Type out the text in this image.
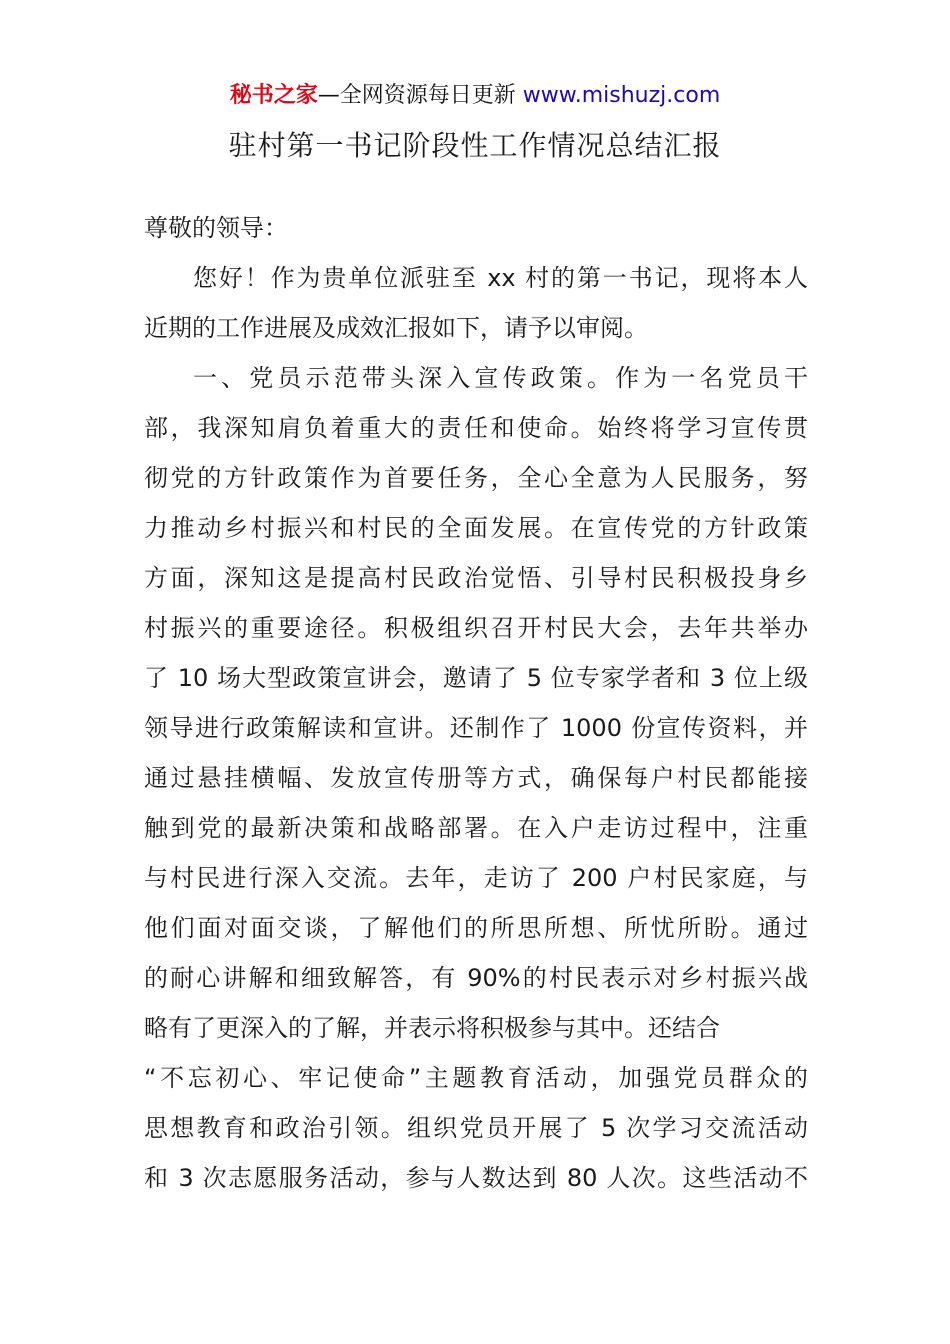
秘书之家—全网资源每日更新 www.mishuzj.com
驻村第一书记阶段性工作情况总结汇报
尊敬的领导：
您好！作为贵单位派驻至 xx 村的第一书记，现将本人
近期的工作进展及成效汇报如下，请予以审阅。
一、党员示范带头深入宣传政策。作为一名党员干
部，我深知肩负着重大的责任和使命。始终将学习宣传贯
彻党的方针政策作为首要任务，全心全意为人民服务，努
力推动乡村振兴和村民的全面发展。在宣传党的方针政策
方面，深知这是提高村民政治觉悟、引导村民积极投身乡
村振兴的重要途径。积极组织召开村民大会，去年共举办
了 10 场大型政策宣讲会，邀请了 5 位专家学者和 3 位上级
领导进行政策解读和宣讲。还制作了 1000 份宣传资料，并
通过悬挂横幅、发放宣传册等方式，确保每户村民都能接
触到党的最新决策和战略部署。在入户走访过程中，注重
与村民进行深入交流。去年，走访了 200 户村民家庭，与
他们面对面交谈，了解他们的所思所想、所忧所盼。通过
的耐心讲解和细致解答，有 90%的村民表示对乡村振兴战
略有了更深入的了解，并表示将积极参与其中。还结合
“不忘初心、牢记使命”主题教育活动，加强党员群众的
思想教育和政治引领。组织党员开展了 5 次学习交流活动
和 3 次志愿服务活动，参与人数达到 80 人次。这些活动不
